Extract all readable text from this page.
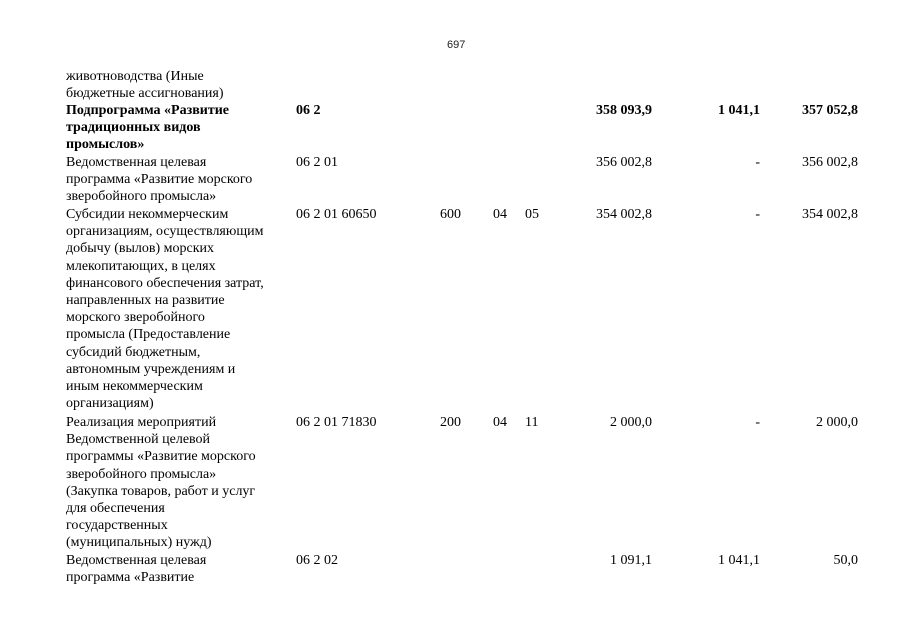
697
животноводства (Иные
бюджетные ассигнования)
Подпрограмма «Развитие
традиционных видов
промыслов»
06 2	358 093,9	1 041,1	357 052,8
Ведомственная целевая
программа «Развитие морского
зверобойного промысла»
06 2 01	356 002,8	-	356 002,8
Субсидии некоммерческим
организациям, осуществляющим
добычу (вылов) морских
млекопитающих, в целях
финансового обеспечения затрат,
направленных на развитие
морского зверобойного
промысла (Предоставление
субсидий бюджетным,
автономным учреждениям и
иным некоммерческим
организациям)
06 2 01 60650	600 04 05	354 002,8	-	354 002,8
Реализация мероприятий
Ведомственной целевой
программы «Развитие морского
зверобойного промысла»
(Закупка товаров, работ и услуг
для обеспечения
государственных
(муниципальных) нужд)
06 2 01 71830	200 04 11	2 000,0	-	2 000,0
Ведомственная целевая
программа «Развитие
06 2 02	1 091,1	1 041,1	50,0
